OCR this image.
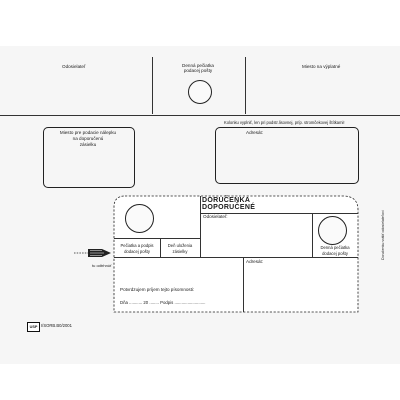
Odosielateľ	Denná pečiatka
podacej pošty
Miesto na výplatné
Miesto pre podacie nálepku
na doporučenú
zásielku
Kolonku vyplniť, len pri podstr.lisovnej, príp. stromčekovej štítkami!
Adresát:
DORUČENKA
DOPORUČENÉ
Odosielateľ:
Pečiatka a podpis
dodacej pošty
Deň uloženia
zásielky
Denná pečiatka
dodacej pošty
Adresát:
Potvrdzujem príjem tejto písomnosti:
Dňa ........... 20 ........ Podpis ..........................
Doručenku vrátiť odosielateľovi
tu odtrhnúť
USP I/SORB.B0/2001
